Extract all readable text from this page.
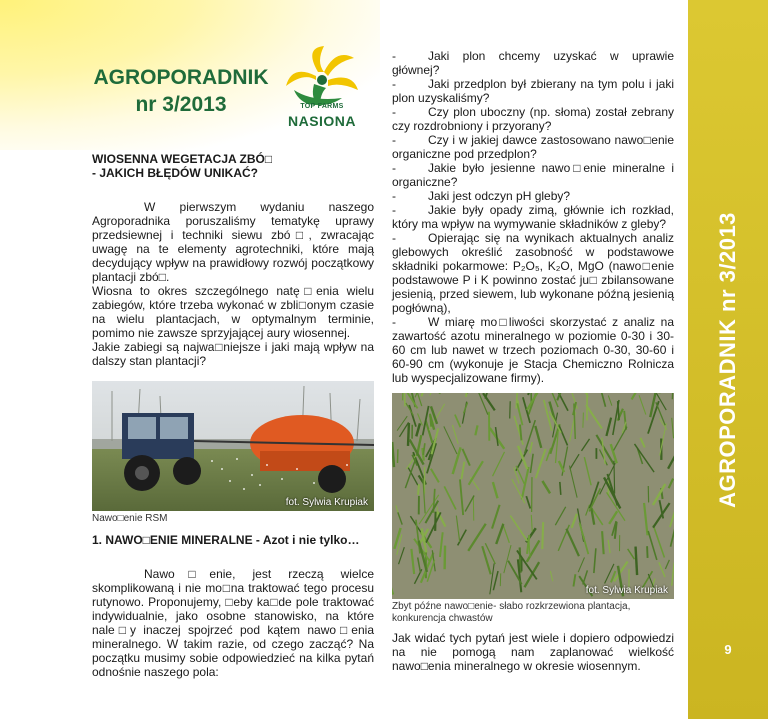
AGROPORADNIK
nr 3/2013	TOP FARMS
NASIONA
AGROPORADNIK nr 3/2013
9
WIOSENNA WEGETACJA ZBÓ□
- JAKICH BŁĘDÓW UNIKAĆ?

W pierwszym wydaniu naszego Agroporadnika poruszaliśmy tematykę uprawy przedsiewnej i techniki siewu zbó□, zwracając uwagę na te elementy agrotechniki, które mają decydujący wpływ na prawidłowy rozwój początkowy plantacji zbó□.

Wiosna to okres szczególnego natę□enia wielu zabiegów, które trzeba wykonać w zbli□onym czasie na wielu plantacjach, w optymalnym terminie, pomimo nie zawsze sprzyjającej aury wiosennej.

Jakie zabiegi są najwa□niejsze i jaki mają wpływ na dalszy stan plantacji?

fot. Sylwia Krupiak
Nawo□enie RSM
1. NAWO□ENIE MINERALNE - Azot i nie tylko…

Nawo□enie, jest rzeczą wielce skomplikowaną i nie mo□na traktować tego procesu rutynowo. Proponujemy, □eby ka□de pole traktować indywidualnie, jako osobne stanowisko, na które nale□y inaczej spojrzeć pod kątem nawo□enia mineralnego. W takim razie, od czego zacząć? Na początku musimy sobie odpowiedzieć na kilka pytań odnośnie naszego pola:

-	Jaki plon chcemy uzyskać w uprawie głównej?
-	Jaki przedplon był zbierany na tym polu i jaki plon uzyskaliśmy?
-	Czy plon uboczny (np. słoma) został zebrany czy rozdrobniony i przyorany?
-	Czy i w jakiej dawce zastosowano nawo□enie organiczne pod przedplon?
-	Jakie było jesienne nawo□enie mineralne i organiczne?
-	Jaki jest odczyn pH gleby?
-	Jakie były opady zimą, głównie ich rozkład, który ma wpływ na wymywanie składników z gleby?
-	Opierając się na wynikach aktualnych analiz glebowych określić zasobność w podstawowe składniki pokarmowe: P₂O₅, K₂O, MgO (nawo□enie podstawowe P i K powinno zostać ju□ zbilansowane jesienią, przed siewem, lub wykonane późną jesienią pogłówną),
-	W miarę mo□liwości skorzystać z analiz na zawartość azotu mineralnego w poziomie 0-30 i 30-60 cm lub nawet w trzech poziomach 0-30, 30-60 i 60-90 cm (wykonuje je Stacja Chemiczno Rolnicza lub wyspecjalizowane firmy).
fot. Sylwia Krupiak
Zbyt późne nawo□enie- słabo rozkrzewiona plantacja, konkurencja chwastów
Jak widać tych pytań jest wiele i dopiero odpowiedzi na nie pomogą nam zaplanować wielkość nawo□enia mineralnego w okresie wiosennym.
